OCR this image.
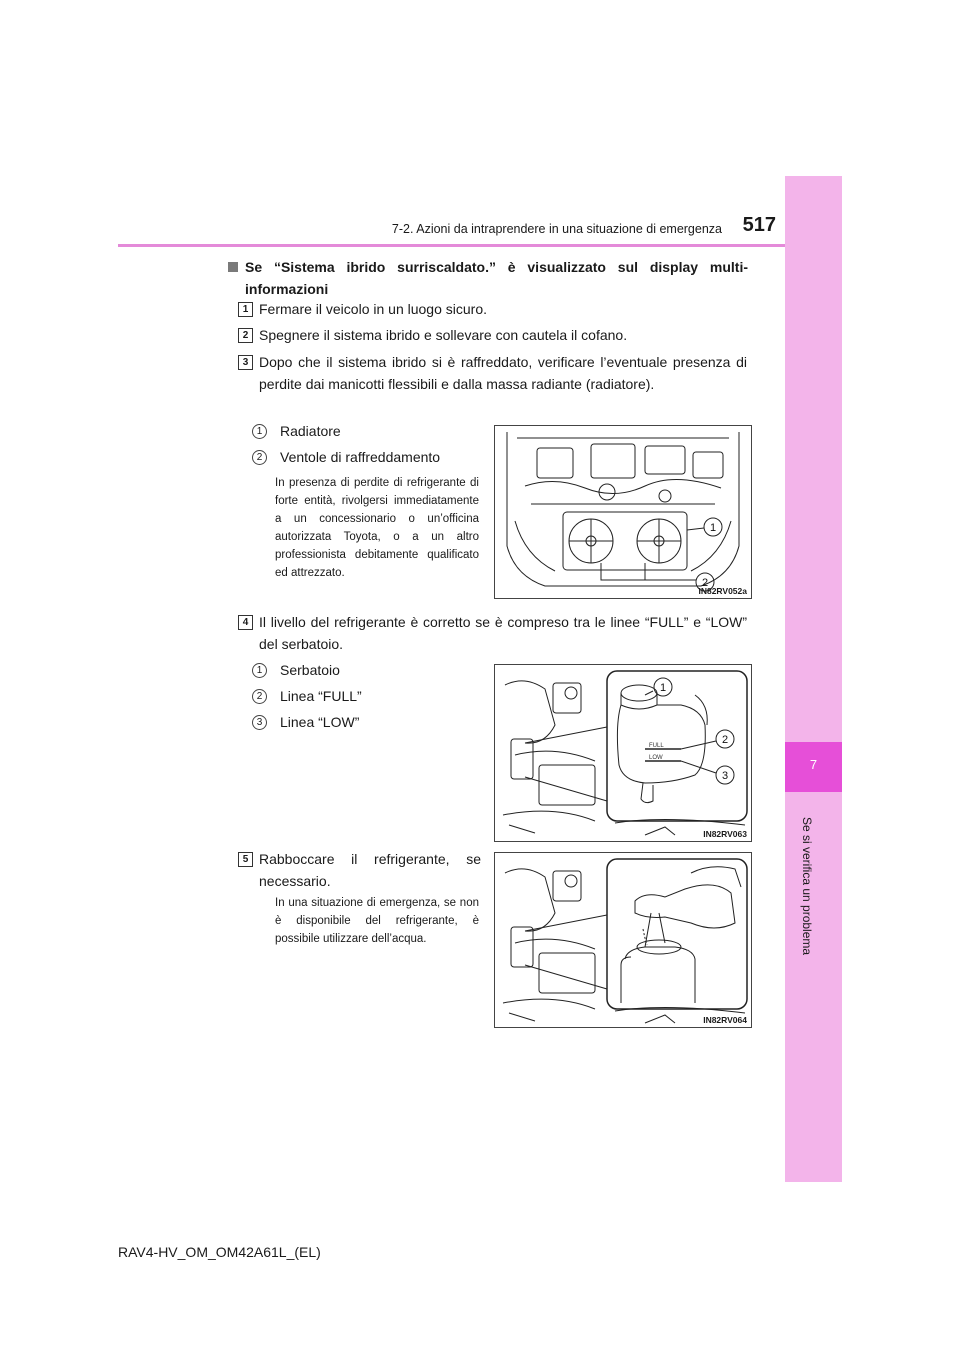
7
Se si verifica un problema
7-2. Azioni da intraprendere in una situazione di emergenza 517
Se “Sistema ibrido surriscaldato.” è visualizzato sul display multi-informazioni
1 Fermare il veicolo in un luogo sicuro.
2 Spegnere il sistema ibrido e sollevare con cautela il cofano.
3 Dopo che il sistema ibrido si è raffreddato, verificare l’eventuale presenza di perdite dai manicotti flessibili e dalla massa radiante (radiatore).
1	Radiatore
2	Ventole di raffreddamento
In presenza di perdite di refrigerante di forte entità, rivolgersi immediatamente a un concessionario o un’officina autorizzata Toyota, o a un altro professionista debitamente qualificato ed attrezzato.
1
2
IN82RV052a
4 Il livello del refrigerante è corretto se è compreso tra le linee “FULL” e “LOW” del serbatoio.
1	Serbatoio
2	Linea “FULL”
3	Linea “LOW”
FULL
LOW
1
2
3
IN82RV063
5 Rabboccare il refrigerante, se necessario.
In una situazione di emergenza, se non è disponibile del refrigerante, è possibile utilizzare dell’acqua.
IN82RV064
RAV4-HV_OM_OM42A61L_(EL)
